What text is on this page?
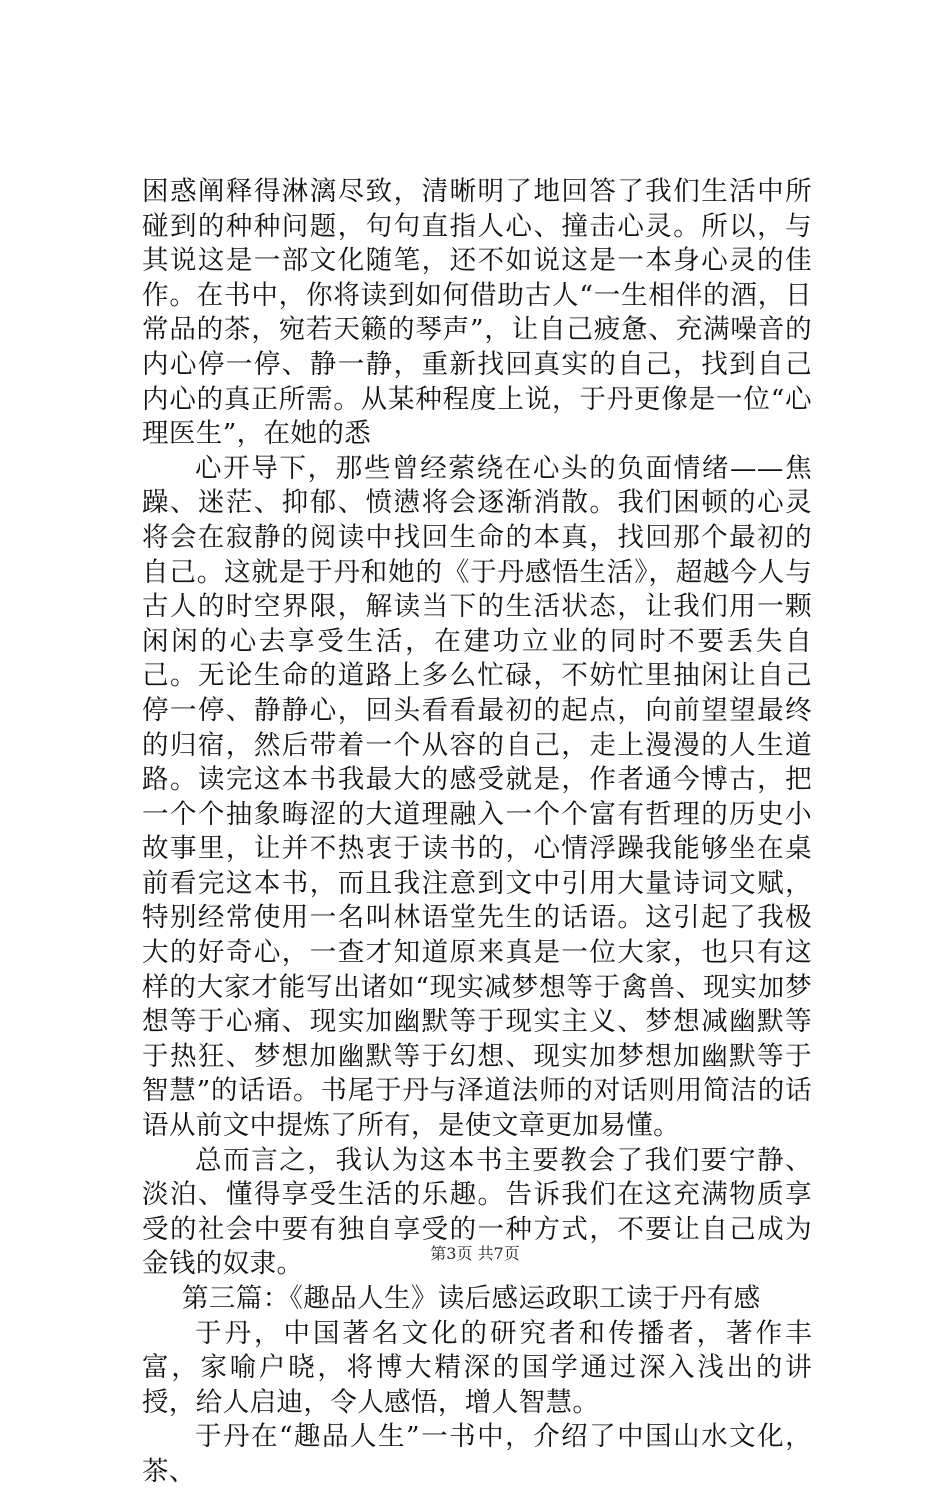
困惑阐释得淋漓尽致，清晰明了地回答了我们生活中所碰到的种种问题，句句直指人心、撞击心灵。所以，与其说这是一部文化随笔，还不如说这是一本身心灵的佳作。在书中，你将读到如何借助古人“一生相伴的酒，日常品的茶，宛若天籁的琴声”，让自己疲惫、充满噪音的内心停一停、静一静，重新找回真实的自己，找到自己内心的真正所需。从某种程度上说，于丹更像是一位“心理医生”，在她的悉

心开导下，那些曾经萦绕在心头的负面情绪——焦躁、迷茫、抑郁、愤懑将会逐渐消散。我们困顿的心灵将会在寂静的阅读中找回生命的本真，找回那个最初的自己。这就是于丹和她的《于丹感悟生活》，超越今人与古人的时空界限，解读当下的生活状态，让我们用一颗闲闲的心去享受生活，在建功立业的同时不要丢失自己。无论生命的道路上多么忙碌，不妨忙里抽闲让自己停一停、静静心，回头看看最初的起点，向前望望最终的归宿，然后带着一个从容的自己，走上漫漫的人生道路。读完这本书我最大的感受就是，作者通今博古，把一个个抽象晦涩的大道理融入一个个富有哲理的历史小故事里，让并不热衷于读书的，心情浮躁我能够坐在桌前看完这本书，而且我注意到文中引用大量诗词文赋，特别经常使用一名叫林语堂先生的话语。这引起了我极大的好奇心，一查才知道原来真是一位大家，也只有这样的大家才能写出诸如“现实减梦想等于禽兽、现实加梦想等于心痛、现实加幽默等于现实主义、梦想减幽默等于热狂、梦想加幽默等于幻想、现实加梦想加幽默等于智慧”的话语。书尾于丹与泽道法师的对话则用简洁的话语从前文中提炼了所有，是使文章更加易懂。

总而言之，我认为这本书主要教会了我们要宁静、淡泊、懂得享受生活的乐趣。告诉我们在这充满物质享受的社会中要有独自享受的一种方式，不要让自己成为金钱的奴隶。

第三篇：《趣品人生》读后感运政职工读于丹有感

于丹，中国著名文化的研究者和传播者，著作丰富，家喻户晓，将博大精深的国学通过深入浅出的讲授，给人启迪，令人感悟，增人智慧。

于丹在“趣品人生”一书中，介绍了中国山水文化，茶、

第3页 共7页
